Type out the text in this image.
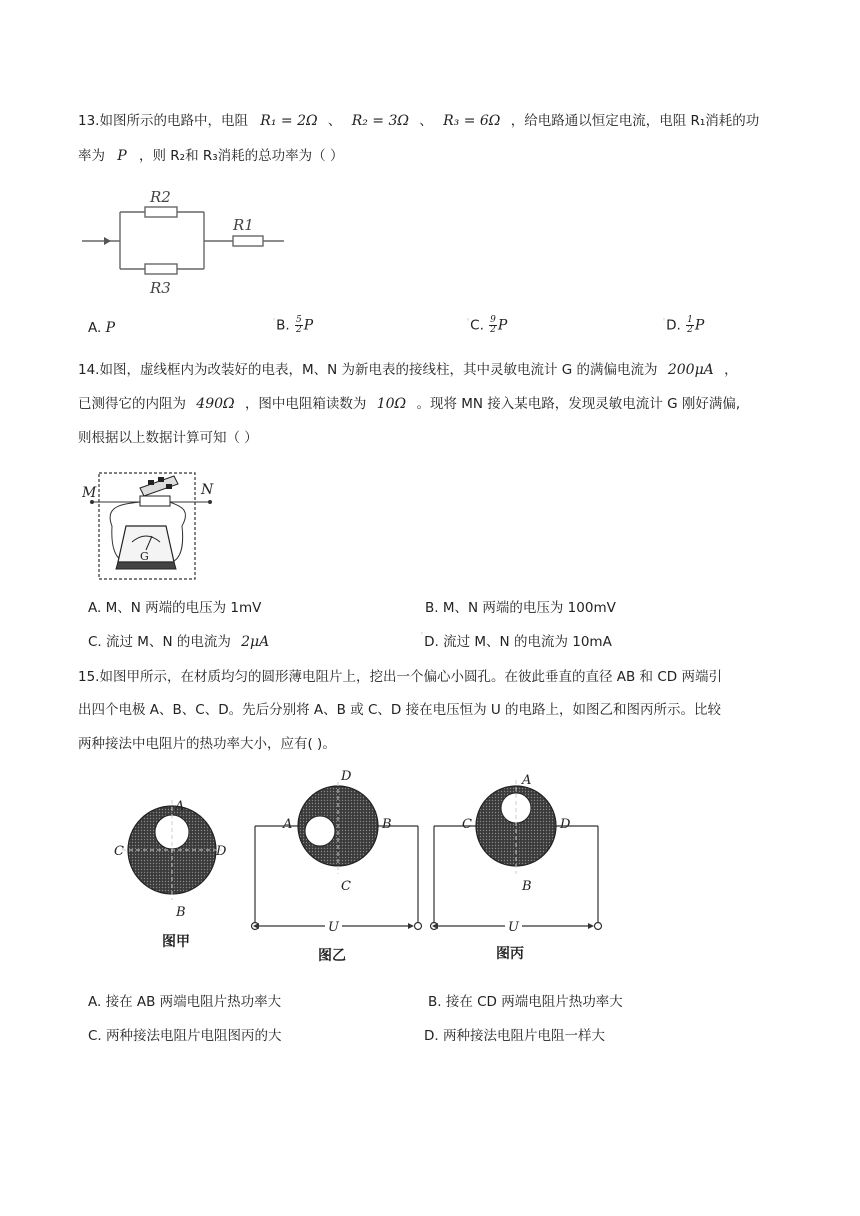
13.如图所示的电路中，电阻 R₁ = 2Ω 、 R₂ = 3Ω 、 R₃ = 6Ω ，给电路通以恒定电流，电阻 R₁消耗的功
率为 P ，则 R₂和 R₃消耗的总功率为（ ）
R2
R1
R3
A. P	◦B. $\frac{5}{2}$ P	◦C. $\frac{9}{2}$ P	◦D. $\frac{1}{2}$ P
14.如图，虚线框内为改装好的电表，M、N 为新电表的接线柱，其中灵敏电流计 G 的满偏电流为 200μA ，
已测得它的内阻为 490Ω ，图中电阻箱读数为 10Ω 。现将 MN 接入某电路，发现灵敏电流计 G 刚好满偏,
则根据以上数据计算可知（ ）
M	N
G
A. M、N 两端的电压为 1mV	B. M、N 两端的电压为 100mV
C. 流过 M、N 的电流为 2μA	◦D. 流过 M、N 的电流为 10mA
15.如图甲所示，在材质均匀的圆形薄电阻片上，挖出一个偏心小圆孔。在彼此垂直的直径 AB 和 CD 两端引
出四个电极 A、B、C、D。先后分别将 A、B 或 C、D 接在电压恒为 U 的电路上，如图乙和图丙所示。比较
两种接法中电阻片的热功率大小，应有( )。
A
B
C	D
图甲
A	B
D
C
U
图乙
A
B
C	D
U
图丙
A. 接在 AB 两端电阻片热功率大	B. 接在 CD 两端电阻片热功率大
C. 两种接法电阻片电阻图丙的大	D. 两种接法电阻片电阻一样大
